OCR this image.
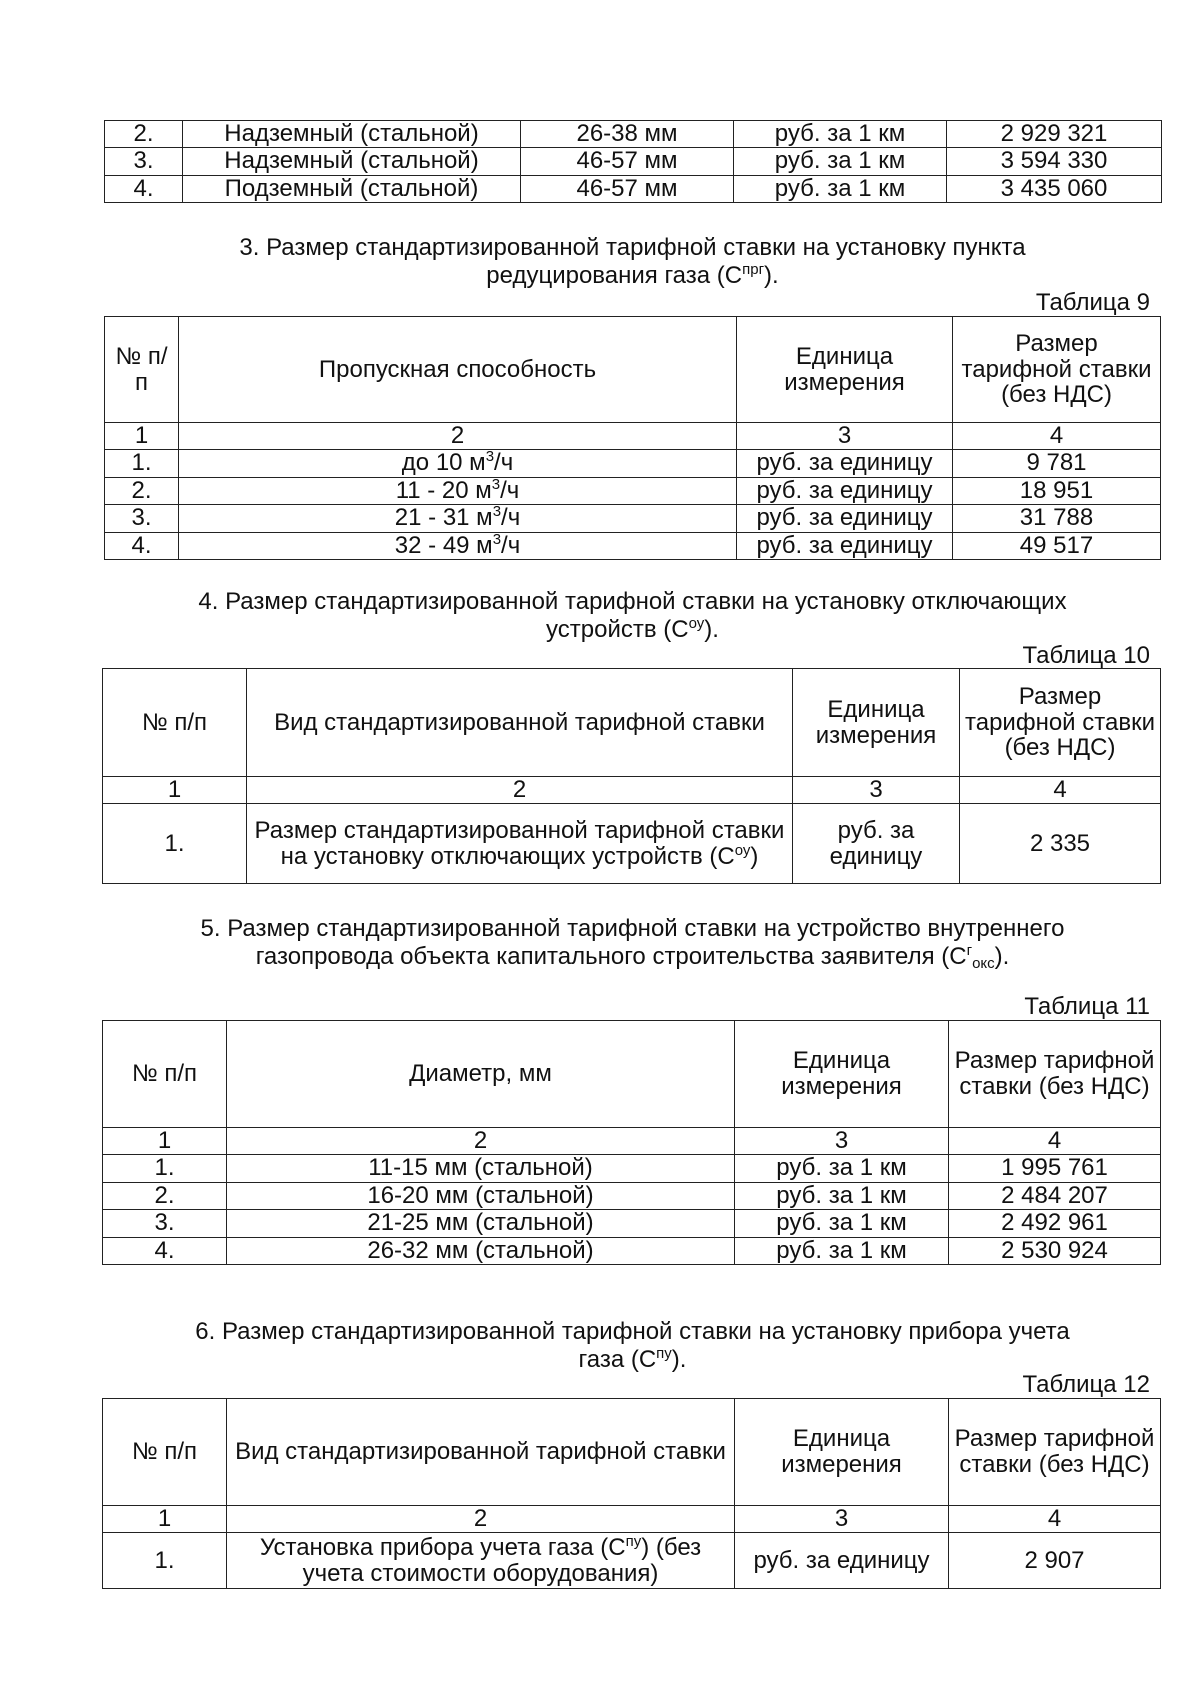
2.	Надземный (стальной)	26-38 мм	руб. за 1 км	2 929 321
3.	Надземный (стальной)	46-57 мм	руб. за 1 км	3 594 330
4.	Подземный (стальной)	46-57 мм	руб. за 1 км	3 435 060
3. Размер стандартизированной тарифной ставки на установку пункта
редуцирования газа $(С^{прг})$.
Таблица 9
№ п/п	Пропускная способность	Единица измерения	Размер тарифной ставки (без НДС)
1	2	3	4
1.	до 10 $м^3/ч$	руб. за единицу	9 781
2.	11 - 20 $м^3/ч$	руб. за единицу	18 951
3.	21 - 31 $м^3/ч$	руб. за единицу	31 788
4.	32 - 49 $м^3/ч$	руб. за единицу	49 517
4. Размер стандартизированной тарифной ставки на установку отключающих
устройств $(С^{оу})$.
Таблица 10
№ п/п	Вид стандартизированной тарифной ставки	Единица измерения	Размер тарифной ставки (без НДС)
1	2	3	4
1.	Размер стандартизированной тарифной ставки на установку отключающих устройств $(С^{оу})$	руб. за единицу	2 335
5. Размер стандартизированной тарифной ставки на устройство внутреннего
газопровода объекта капитального строительства заявителя $(С^г_{окс})$.
Таблица 11
№ п/п	Диаметр, мм	Единица измерения	Размер тарифной ставки (без НДС)
1	2	3	4
1.	11-15 мм (стальной)	руб. за 1 км	1 995 761
2.	16-20 мм (стальной)	руб. за 1 км	2 484 207
3.	21-25 мм (стальной)	руб. за 1 км	2 492 961
4.	26-32 мм (стальной)	руб. за 1 км	2 530 924
6. Размер стандартизированной тарифной ставки на установку прибора учета
газа $(С^{пу})$.
Таблица 12
№ п/п	Вид стандартизированной тарифной ставки	Единица измерения	Размер тарифной ставки (без НДС)
1	2	3	4
1.	Установка прибора учета газа $(С^{пу})$ (без учета стоимости оборудования)	руб. за единицу	2 907
